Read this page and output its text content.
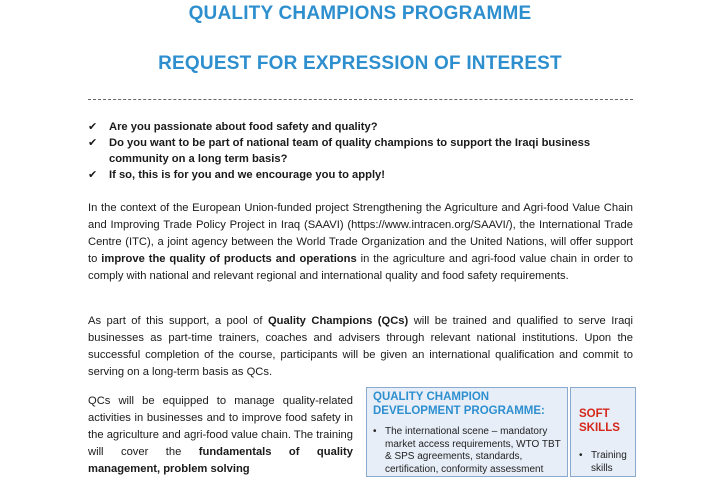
QUALITY CHAMPIONS PROGRAMME
REQUEST FOR EXPRESSION OF INTEREST
✔ Are you passionate about food safety and quality?
✔ Do you want to be part of national team of quality champions to support the Iraqi business community on a long term basis?
✔ If so, this is for you and we encourage you to apply!
In the context of the European Union-funded project Strengthening the Agriculture and Agri-food Value Chain and Improving Trade Policy Project in Iraq (SAAVI) (https://www.intracen.org/SAAVI/), the International Trade Centre (ITC), a joint agency between the World Trade Organization and the United Nations, will offer support to improve the quality of products and operations in the agriculture and agri-food value chain in order to comply with national and relevant regional and international quality and food safety requirements.
As part of this support, a pool of Quality Champions (QCs) will be trained and qualified to serve Iraqi businesses as part-time trainers, coaches and advisers through relevant national institutions. Upon the successful completion of the course, participants will be given an international qualification and commit to serving on a long-term basis as QCs.
QCs will be equipped to manage quality-related activities in businesses and to improve food safety in the agriculture and agri-food value chain. The training will cover the fundamentals of quality management, problem solving
QUALITY CHAMPION DEVELOPMENT PROGRAMME:
• The international scene – mandatory market access requirements, WTO TBT & SPS agreements, standards, certification, conformity assessment
SOFT SKILLS
• Training skills
